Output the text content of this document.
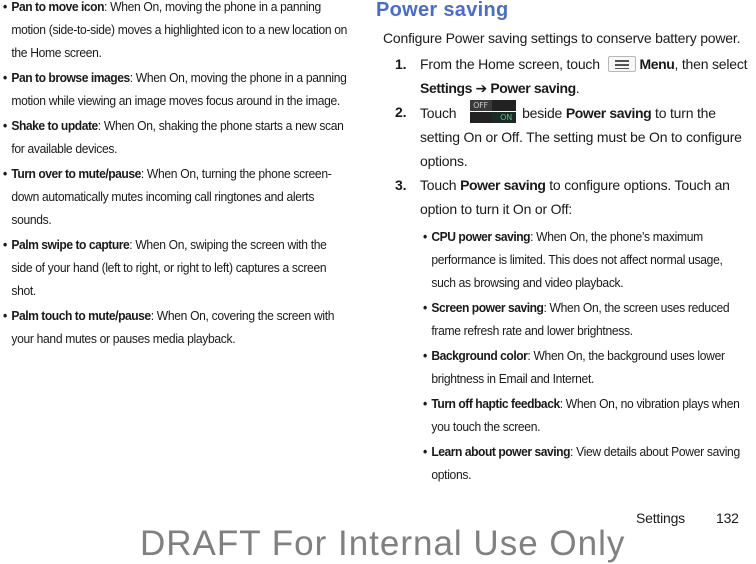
• Pan to move icon: When On, moving the phone in a panning motion (side-to-side) moves a highlighted icon to a new location on the Home screen.
• Pan to browse images: When On, moving the phone in a panning motion while viewing an image moves focus around in the image.
• Shake to update: When On, shaking the phone starts a new scan for available devices.
• Turn over to mute/pause: When On, turning the phone screen-down automatically mutes incoming call ringtones and alerts sounds.
• Palm swipe to capture: When On, swiping the screen with the side of your hand (left to right, or right to left) captures a screen shot.
• Palm touch to mute/pause: When On, covering the screen with your hand mutes or pauses media playback.
Power saving
Configure Power saving settings to conserve battery power.
1. From the Home screen, touch	Menu, then select Settings ➔ Power saving.
2. Touch	OFF
ON beside Power saving to turn the setting On or Off. The setting must be On to configure options.
3. Touch Power saving to configure options. Touch an option to turn it On or Off:
• CPU power saving: When On, the phone’s maximum performance is limited. This does not affect normal usage, such as browsing and video playback.
• Screen power saving: When On, the screen uses reduced frame refresh rate and lower brightness.
• Background color: When On, the background uses lower brightness in Email and Internet.
• Turn off haptic feedback: When On, no vibration plays when you touch the screen.
• Learn about power saving: View details about Power saving options.
Settings 132
DRAFT For Internal Use Only
